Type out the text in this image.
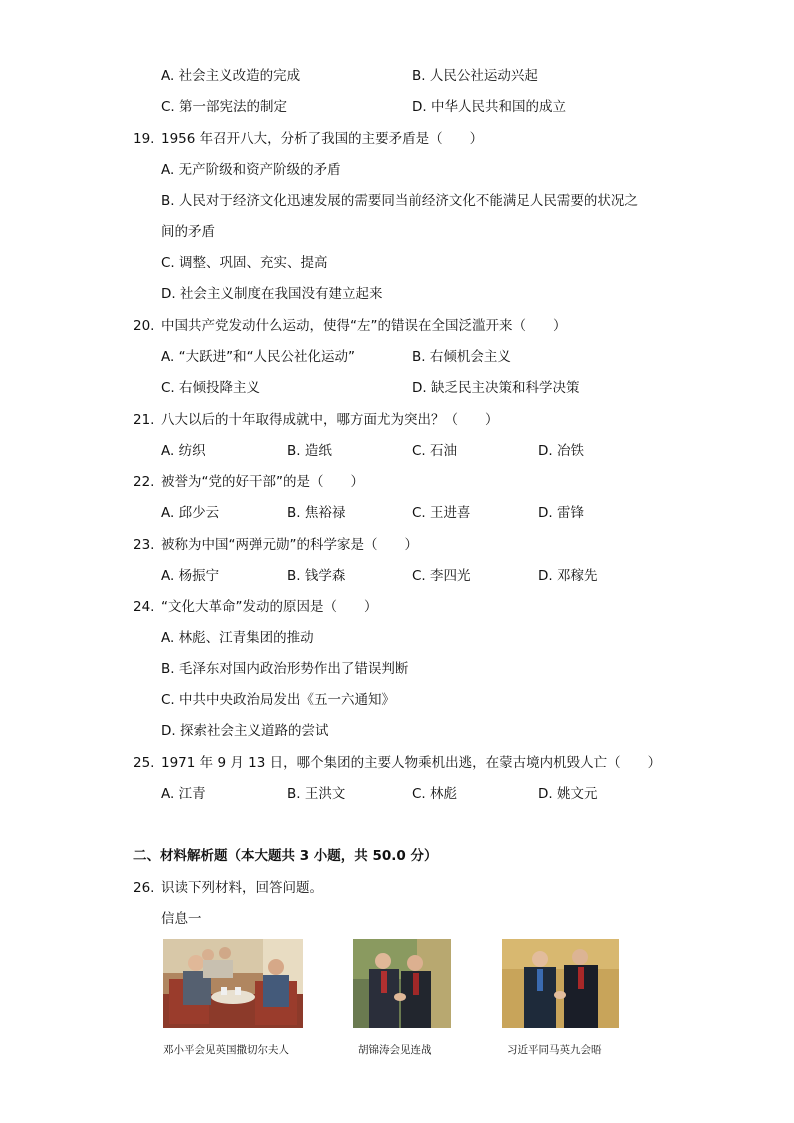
A. 社会主义改造的完成	B. 人民公社运动兴起
C. 第一部宪法的制定	D. 中华人民共和国的成立
19. 1956 年召开八大，分析了我国的主要矛盾是（　　）
A. 无产阶级和资产阶级的矛盾
B. 人民对于经济文化迅速发展的需要同当前经济文化不能满足人民需要的状况之
间的矛盾
C. 调整、巩固、充实、提高
D. 社会主义制度在我国没有建立起来
20. 中国共产党发动什么运动，使得“左”的错误在全国泛滥开来（　　）
A. “大跃进”和“人民公社化运动”	B. 右倾机会主义
C. 右倾投降主义	D. 缺乏民主决策和科学决策
21. 八大以后的十年取得成就中，哪方面尤为突出？（　　）
A. 纺织	B. 造纸	C. 石油	D. 冶铁
22. 被誉为“党的好干部”的是（　　）
A. 邱少云	B. 焦裕禄	C. 王进喜	D. 雷锋
23. 被称为中国“两弹元勋”的科学家是（　　）
A. 杨振宁	B. 钱学森	C. 李四光	D. 邓稼先
24. “文化大革命”发动的原因是（　　）
A. 林彪、江青集团的推动
B. 毛泽东对国内政治形势作出了错误判断
C. 中共中央政治局发出《五一六通知》
D. 探索社会主义道路的尝试
25. 1971 年 9 月 13 日，哪个集团的主要人物乘机出逃，在蒙古境内机毁人亡（　　）
A. 江青	B. 王洪文	C. 林彪	D. 姚文元
二、材料解析题（本大题共 3 小题，共 50.0 分）
26. 识读下列材料，回答问题。
信息一
邓小平会见英国撒切尔夫人	胡锦涛会见连战	习近平同马英九会晤
